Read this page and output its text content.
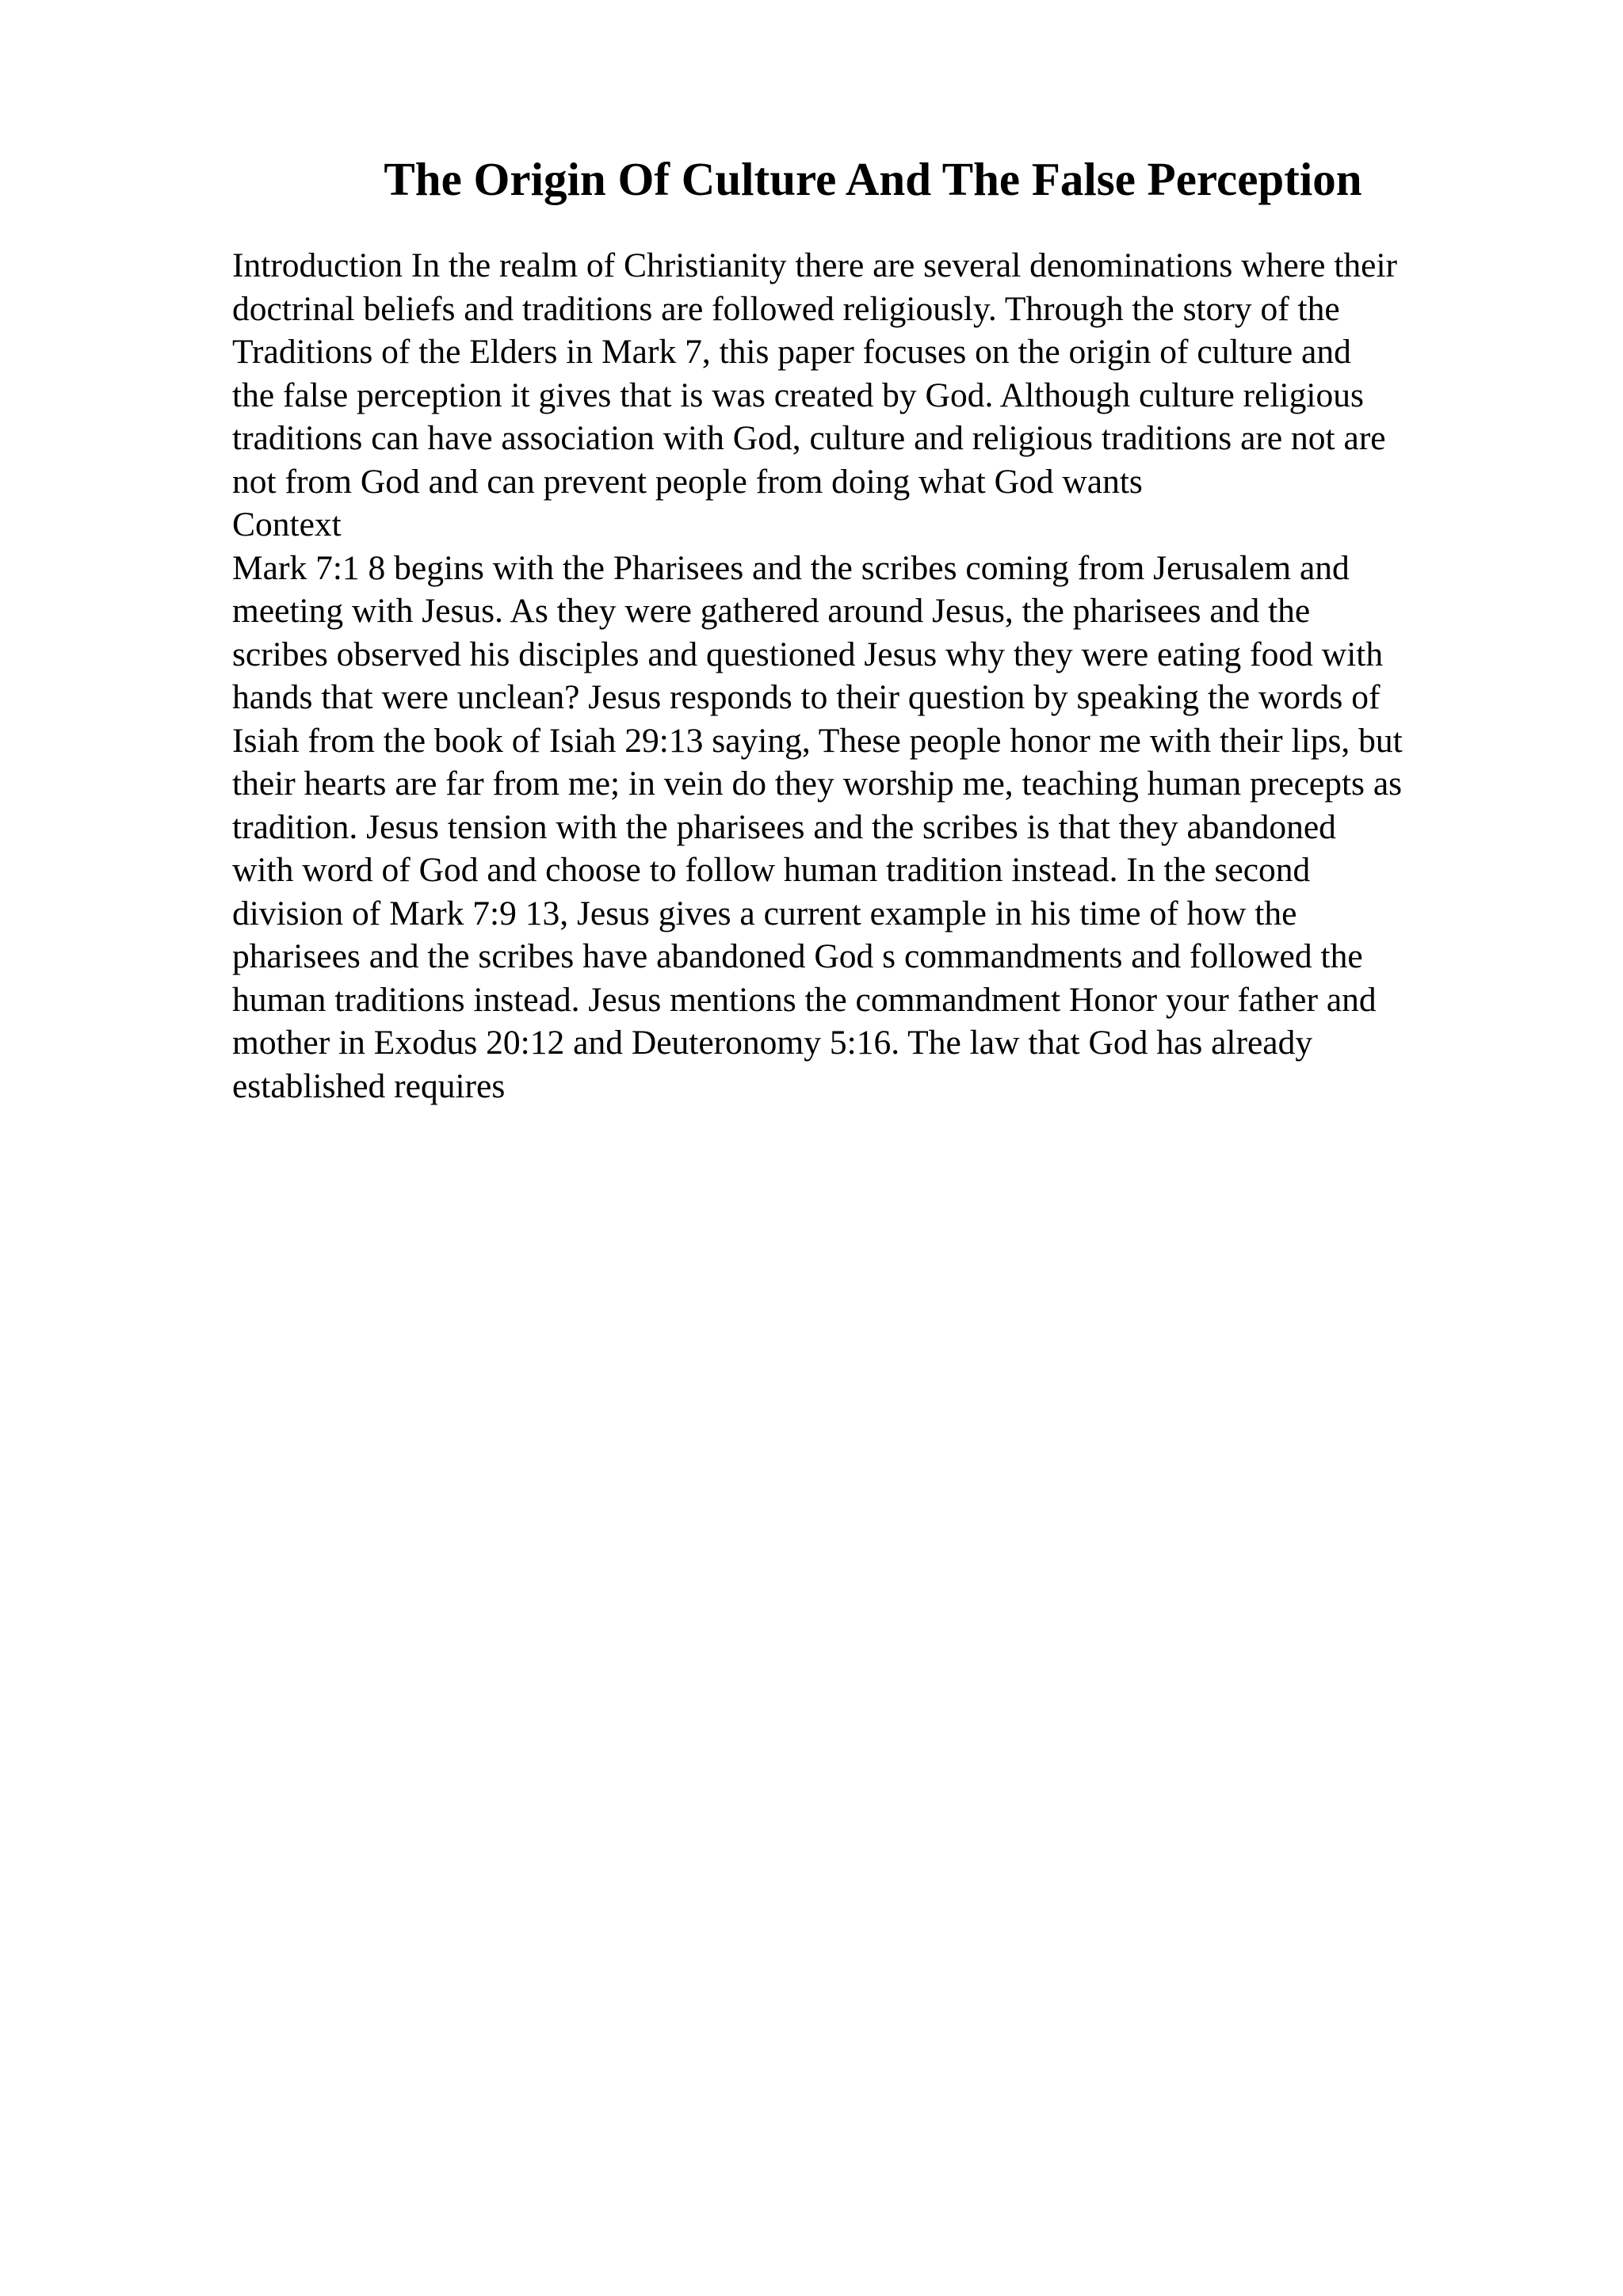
The Origin Of Culture And The False Perception
Introduction In the realm of Christianity there are several denominations where their
doctrinal beliefs and traditions are followed religiously. Through the story of the
Traditions of the Elders in Mark 7, this paper focuses on the origin of culture and
the false perception it gives that is was created by God. Although culture religious
traditions can have association with God, culture and religious traditions are not are
not from God and can prevent people from doing what God wants
Context
Mark 7:1 8 begins with the Pharisees and the scribes coming from Jerusalem and
meeting with Jesus. As they were gathered around Jesus, the pharisees and the
scribes observed his disciples and questioned Jesus why they were eating food with
hands that were unclean? Jesus responds to their question by speaking the words of
Isiah from the book of Isiah 29:13 saying, These people honor me with their lips, but
their hearts are far from me; in vein do they worship me, teaching human precepts as
tradition. Jesus tension with the pharisees and the scribes is that they abandoned
with word of God and choose to follow human tradition instead. In the second
division of Mark 7:9 13, Jesus gives a current example in his time of how the
pharisees and the scribes have abandoned God s commandments and followed the
human traditions instead. Jesus mentions the commandment Honor your father and
mother in Exodus 20:12 and Deuteronomy 5:16. The law that God has already
established requires
